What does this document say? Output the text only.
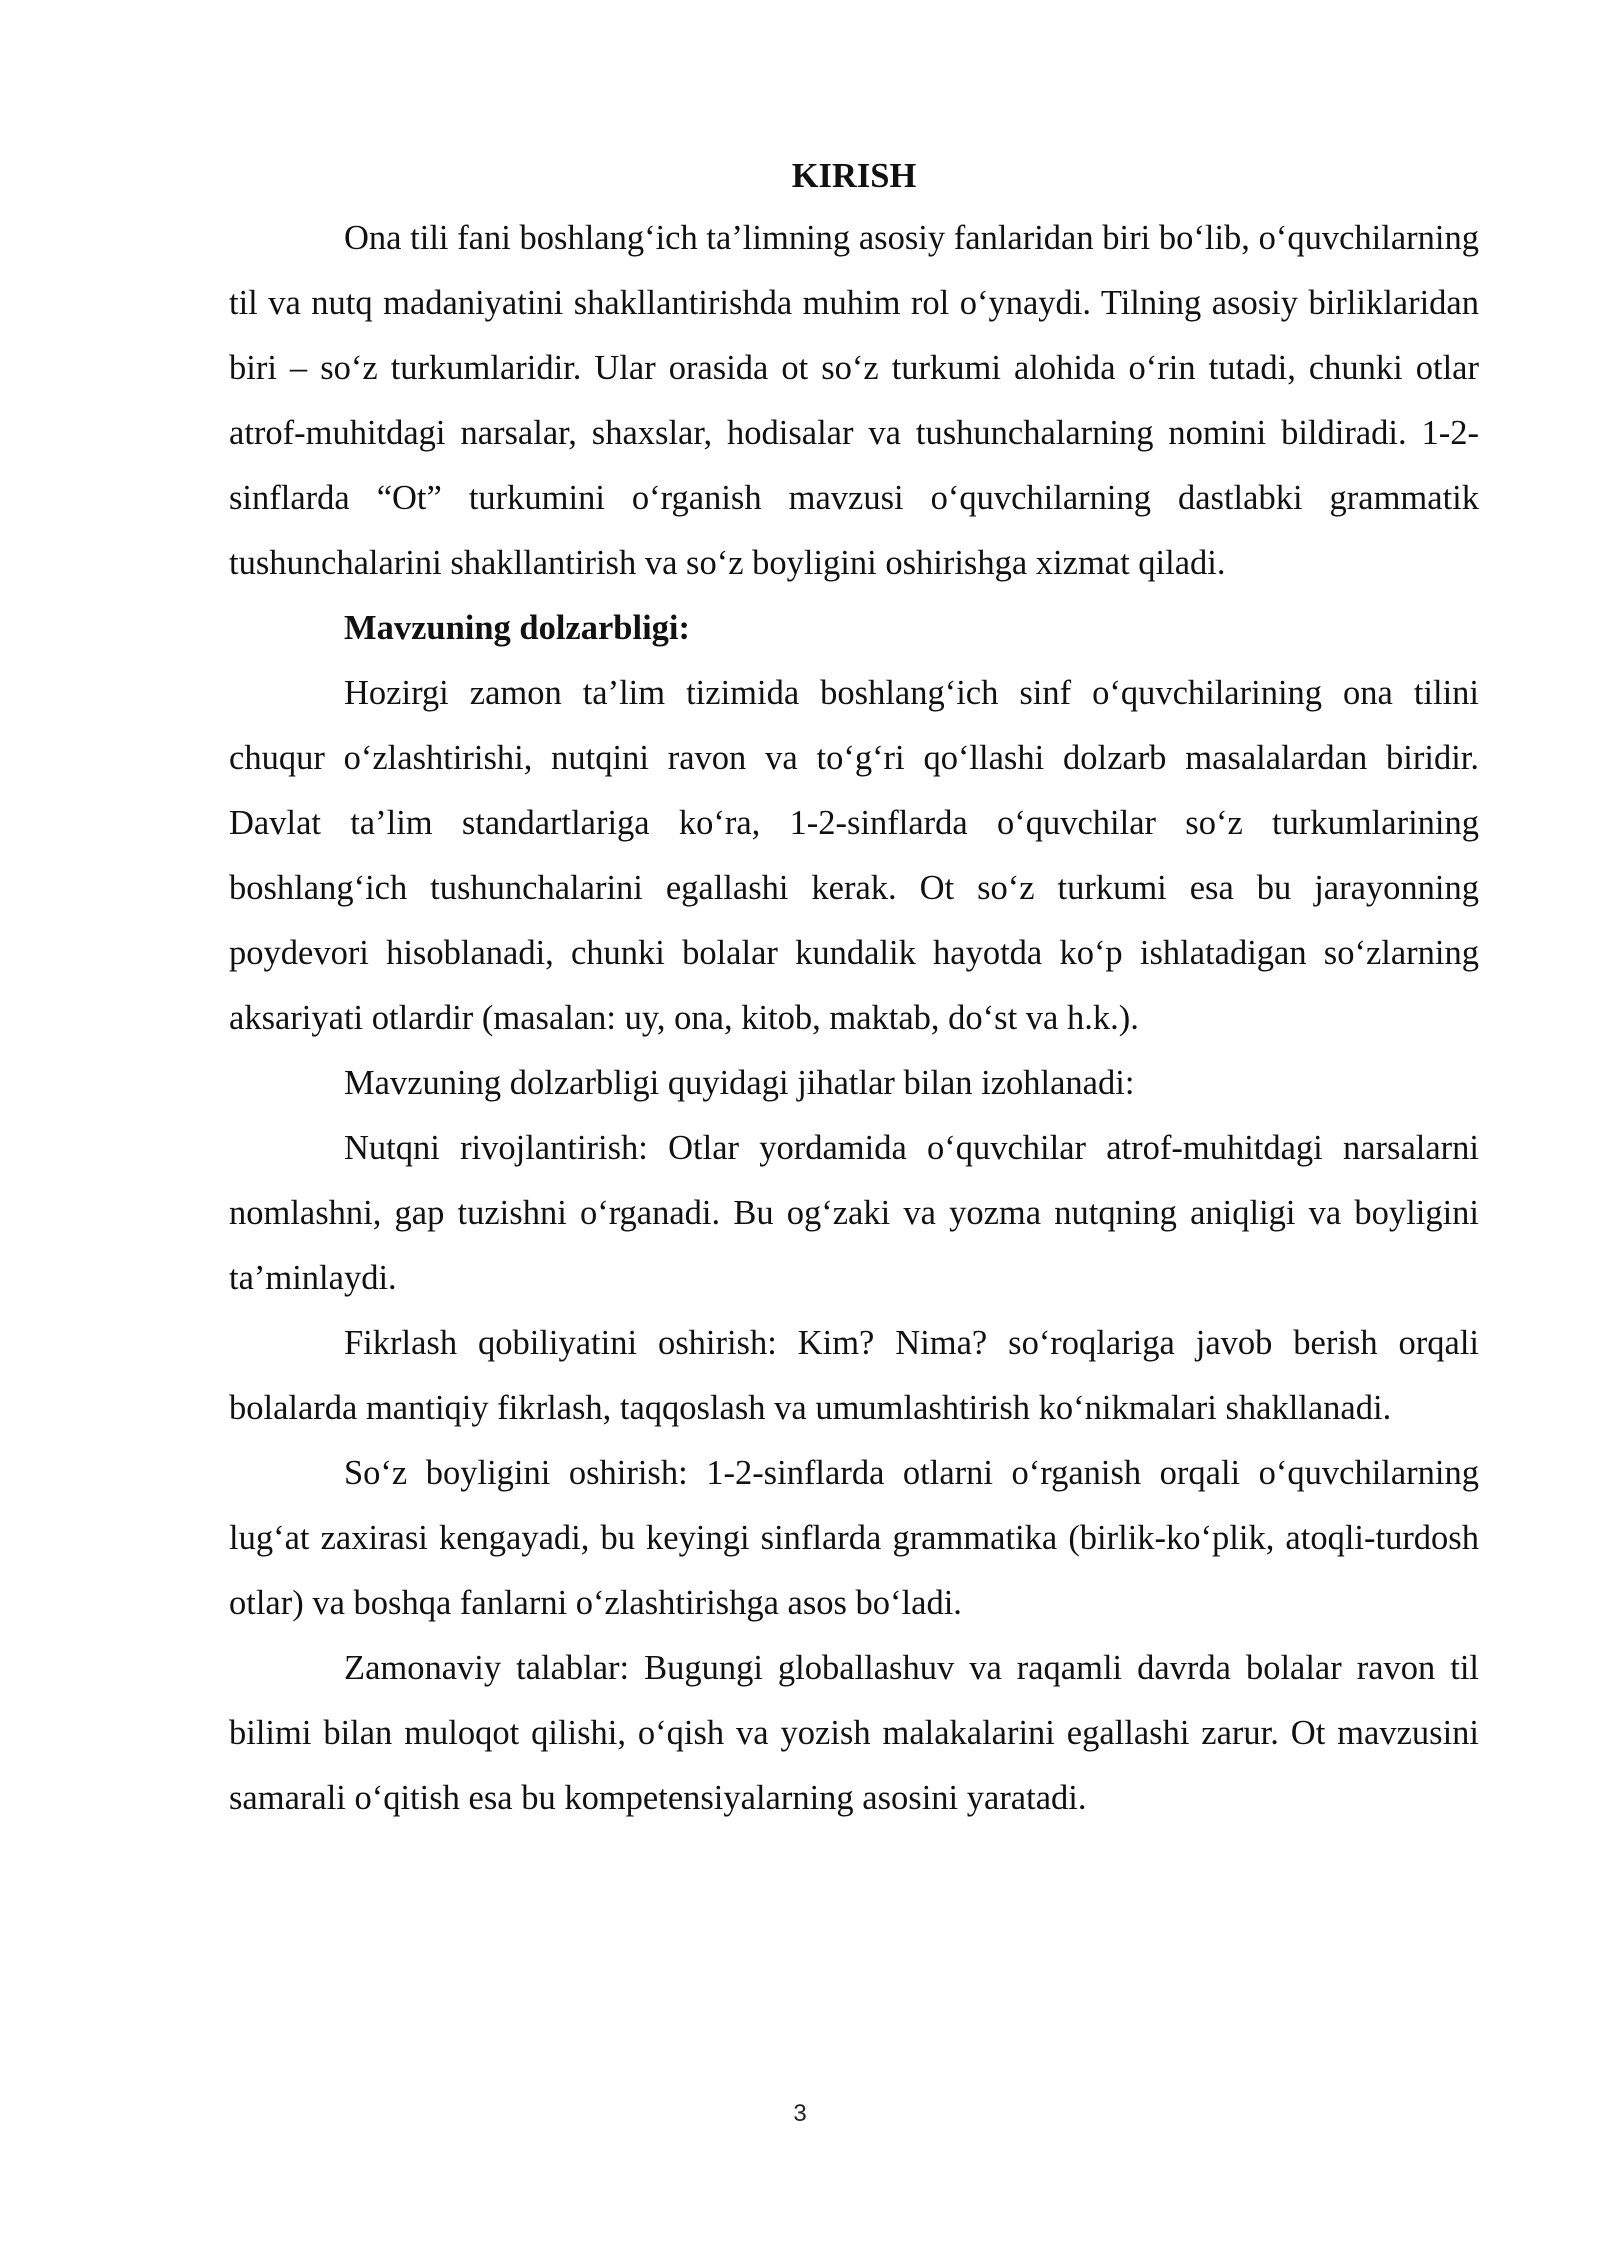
KIRISH

Ona tili fani boshlang‘ich ta’limning asosiy fanlaridan biri bo‘lib, o‘quvchilarning til va nutq madaniyatini shakllantirishda muhim rol o‘ynaydi. Tilning asosiy birliklaridan biri – so‘z turkumlaridir. Ular orasida ot so‘z turkumi alohida o‘rin tutadi, chunki otlar atrof-muhitdagi narsalar, shaxslar, hodisalar va tushunchalarning nomini bildiradi. 1-2-sinflarda “Ot” turkumini o‘rganish mavzusi o‘quvchilarning dastlabki grammatik tushunchalarini shakllantirish va so‘z boyligini oshirishga xizmat qiladi.

Mavzuning dolzarbligi:

Hozirgi zamon ta’lim tizimida boshlang‘ich sinf o‘quvchilarining ona tilini chuqur o‘zlashtirishi, nutqini ravon va to‘g‘ri qo‘llashi dolzarb masalalardan biridir. Davlat ta’lim standartlariga ko‘ra, 1-2-sinflarda o‘quvchilar so‘z turkumlarining boshlang‘ich tushunchalarini egallashi kerak. Ot so‘z turkumi esa bu jarayonning poydevori hisoblanadi, chunki bolalar kundalik hayotda ko‘p ishlatadigan so‘zlarning aksariyati otlardir (masalan: uy, ona, kitob, maktab, do‘st va h.k.).

Mavzuning dolzarbligi quyidagi jihatlar bilan izohlanadi:

Nutqni rivojlantirish: Otlar yordamida o‘quvchilar atrof-muhitdagi narsalarni nomlashni, gap tuzishni o‘rganadi. Bu og‘zaki va yozma nutqning aniqligi va boyligini ta’minlaydi.

Fikrlash qobiliyatini oshirish: Kim? Nima? so‘roqlariga javob berish orqali bolalarda mantiqiy fikrlash, taqqoslash va umumlashtirish ko‘nikmalari shakllanadi.

So‘z boyligini oshirish: 1-2-sinflarda otlarni o‘rganish orqali o‘quvchilarning lug‘at zaxirasi kengayadi, bu keyingi sinflarda grammatika (birlik-ko‘plik, atoqli-turdosh otlar) va boshqa fanlarni o‘zlashtirishga asos bo‘ladi.

Zamonaviy talablar: Bugungi globallashuv va raqamli davrda bolalar ravon til bilimi bilan muloqot qilishi, o‘qish va yozish malakalarini egallashi zarur. Ot mavzusini samarali o‘qitish esa bu kompetensiyalarning asosini yaratadi.

3
